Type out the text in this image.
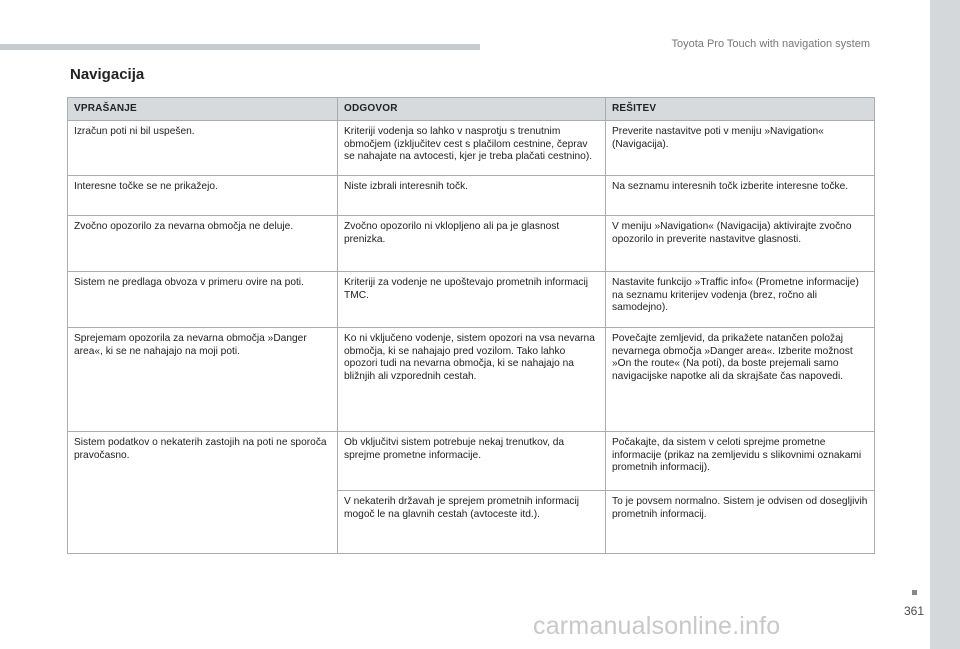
Toyota Pro Touch with navigation system
Navigacija
VPRAŠANJE	ODGOVOR	REŠITEV
Izračun poti ni bil uspešen.	Kriteriji vodenja so lahko v nasprotju s trenutnim območjem (izključitev cest s plačilom cestnine, čeprav se nahajate na avtocesti, kjer je treba plačati cestnino).	Preverite nastavitve poti v meniju »Navigation« (Navigacija).
Interesne točke se ne prikažejo.	Niste izbrali interesnih točk.	Na seznamu interesnih točk izberite interesne točke.
Zvočno opozorilo za nevarna območja ne deluje.	Zvočno opozorilo ni vklopljeno ali pa je glasnost prenizka.	V meniju »Navigation« (Navigacija) aktivirajte zvočno opozorilo in preverite nastavitve glasnosti.
Sistem ne predlaga obvoza v primeru ovire na poti.	Kriteriji za vodenje ne upoštevajo prometnih informacij TMC.	Nastavite funkcijo »Traffic info« (Prometne informacije) na seznamu kriterijev vodenja (brez, ročno ali samodejno).
Sprejemam opozorila za nevarna območja »Danger area«, ki se ne nahajajo na moji poti.	Ko ni vključeno vodenje, sistem opozori na vsa nevarna območja, ki se nahajajo pred vozilom. Tako lahko opozori tudi na nevarna območja, ki se nahajajo na bližnjih ali vzporednih cestah.	Povečajte zemljevid, da prikažete natančen položaj nevarnega območja »Danger area«. Izberite možnost »On the route« (Na poti), da boste prejemali samo navigacijske napotke ali da skrajšate čas napovedi.
Sistem podatkov o nekaterih zastojih na poti ne sporoča pravočasno.	Ob vključitvi sistem potrebuje nekaj trenutkov, da sprejme prometne informacije.	Počakajte, da sistem v celoti sprejme prometne informacije (prikaz na zemljevidu s slikovnimi oznakami prometnih informacij).
	V nekaterih državah je sprejem prometnih informacij mogoč le na glavnih cestah (avtoceste itd.).	To je povsem normalno. Sistem je odvisen od dosegljivih prometnih informacij.
361
carmanualsonline.info
